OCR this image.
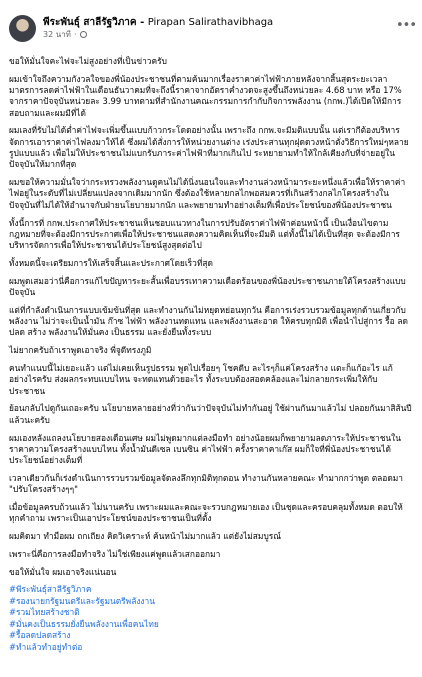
พีระพันธุ์ สาลีรัฐวิภาค - Pirapan Salirathavibhaga
32 นาที ·
•••
ขอให้มั่นใจคะไฟจะไม่สูงอย่างที่เป็นข่าวครับ
ผมเข้าใจถึงความกังวลใจของพี่น้องประชาชนที่ตามค้นมากเรื่องราคาค่าไฟฟ้าภายหลังจากสิ้นสุดระยะเวลามาตรการลดค่าไฟฟ้าในเดือนธันวาคมที่จะถึงนี้ราคาจากอัตราค่ำงวดจะสูงขึ้นถึงหน่วยละ 4.68 บาท หรือ 17% จากราคาปัจจุบันหน่วยละ 3.99 บาทตามที่สำนักงานคณะกรรมการกำกับกิจการพลังงาน (กกพ.)ได้เปิดให้มีการสอบถามและผมมีที่ได้
ผมเลงที่รับไม่ได้ต่ำค่าไฟจะเพิ่มขึ้นแบบก้าวกระโดดอย่างนั้น เพราะถึง กกพ.จะมีมติแบบนั้น แต่เรากีต้องบริหารจัดการเอาราคาค่าไฟลงมาให้ได้ ซึ่งผมได้สั่งการให้หน่วยงานต่าง เร่งประสานทุกฝุดดวงหน้าตั่งวิธีการใหม่ๆหลายรูปแบบแล้ว เพื่อไม่ให้ประชาชนไม่แบกรับภาระค่าไฟฟ้าที่มากเกินไป ระหยายามทำให้ใกล้เคียงกับที่จ่ายอยู่ในปัจจุบันให้มากที่สุด
ผมขอให้ความมั่นใจว่ากระทรวงพลังงานดูคนไม่ได้นิ่งนอนใจและทำงานล่วงหน้ามาระยะหนึ่งแล้วเพื่อให้ราคาค่าไฟอยู่ในระดับที่ไม่เปลี่ยนแปลงจากเดิมมากนัก ซึ่งต้องใช้หลายกลไกพอสมควรที่เกินสร้างกลไกโครงสร้างในปัจจุบันที่ไม่ได้ให้อำนาจกับฝ่ายนโยบายมากนัก และพยายามทำอย่างเต็มที่เพื่อประโยชน์ของพี่น้องประชาชน
ทั้งนี้การที่ กกพ.ประกาศให้ประชาชนเห็นชอบแนวทางในการปรับอัตราค่าไฟฟ้าค่อนหน้านี้ เป็นเงื่อนไขตามกฎหมายที่จะต้องมีการประกาศเพื่อให้ประชาชนแสดงความคิดเห็นที่จะมีมติ แต่ทั้งนี้ไม่ได้เป็นที่สุด จะต้องมีการบริหารจัดการเพื่อให้ประชาชนได้ประโยชน์สูงสุดต่อไป
ทั้งหมดนี้จะเตรียมการให้เสร็จสิ้นและประกาศโดยเร็วที่สุด
ผมพูดเสมอว่านี่คือการแก้ไขปัญหาระยะสั้นเพื่อบรรเทาความเดือดร้อนของพี่น้องประชาชนภายใต้โครงสร้างแบบปัจจุบัน
แต่ที่กำลังดำเนินการแบบเข้มข้นที่สุด และทำงานกันไม่หยุดหย่อนทุกวัน คือการเร่งรวบรวมข้อมูลทุกด้านเกี่ยวกับพลังงาน ไม่ว่าจะเป็นน้ำมัน ก๊าซ ไฟฟ้า พลังงานทดแทน และพลังงานสะอาด ให้ครบทุกมิติ เพื่อนำไปสู่การ รื้อ ลด ปลด สร้าง พลังงานให้มั่นคง เป็นธรรม และยั่งยืนทั้งระบบ
ไม่ยากครับถ้าเราพูดเอาจริง พี่จูดีทรงภูมิ
คนทำแนบนี้ไม่เยอะแล้ว แต่ไม่เคยเห็นรูปธรรม พูดไปเรื่อยๆ โชคดีบ ละไรๆก็แค่โครงสร้าง แตะก็แก้อะไร แก้อย่างไรครับ ส่งผลกระทบแบบไหน จะทดแทนด้วยอะไร ทั้งระบบต้องสอดคล้องและไม่กลายกระเพิ่มให้กับประชาชน
ย้อนกลับไปดูกันเถอะครับ นโยบายหลายอย่างที่ว่ากันว่าปัจจุบันไม่ทำกันอยู่ ใช้ผ่านกันมาแล้วไม่ ปลอยกันมาสิส้นปีแล้วนะครับ
ผมเองหลังแถลงนโยบายสองเดือนเศษ ผมไม่พูดมากแต่ลงมือทำ อย่างน้อยผมก็พยายามลดภาระให้ประชาชนในราคาความโครงสร้างแบบไหน ทั้งน้ำมันดีเซล เบนซิน ค่าไฟฟ้า ครั้งราคาคาเก๊ส ผมก็ใจที่พี่น้องประชาชนได้ประโยชน์อย่างเต็มที่
เวลาเดียวกันก็เร่งดำเนินการรวบรวมข้อมูลจัดลงลึกทุกมิติทุกตอน ทำงานกันหลายคณะ ทำมากกว่าพูด ตลอดมา "ปรับโครงสร้างๆๆ"
เมื่อข้อมูลครบถ้วนแล้ว ไม่นานครับ เพราะผมและคณะจะรวบกฎหมายเอง เป็นชุดและครอบคลุมทั้งหมด ตอบให้ทุกคำถาม เพราะเป็นเอาประโยชน์ของประชาชนเป็นที่ตั้ง
ผมคิดมา ทำมือผม ถกเถียง คิดวิเคราะห์ ค้นหน้าไม่มากแล้ว แต่ยังไม่สมบูรณ์
เพราะนี่คือการลงมือทำจริง ไม่ใช่เพียงแค่พูดแล้วเสกออกมา
ขอให้มั่นใจ ผมเอาจริงแน่นอน
#พีระพันธุ์สาลีรัฐวิภาค
#รองนายกรัฐมนตรีและรัฐมนตรีพลังงาน
#รวมไทยสร้างชาติ
#มั่นคงเป็นธรรมยั่งยืนพลังงานเพื่อคนไทย
#รื้อลดปลดสร้าง
#ทำแล้วทำอยู่ทำต่อ
